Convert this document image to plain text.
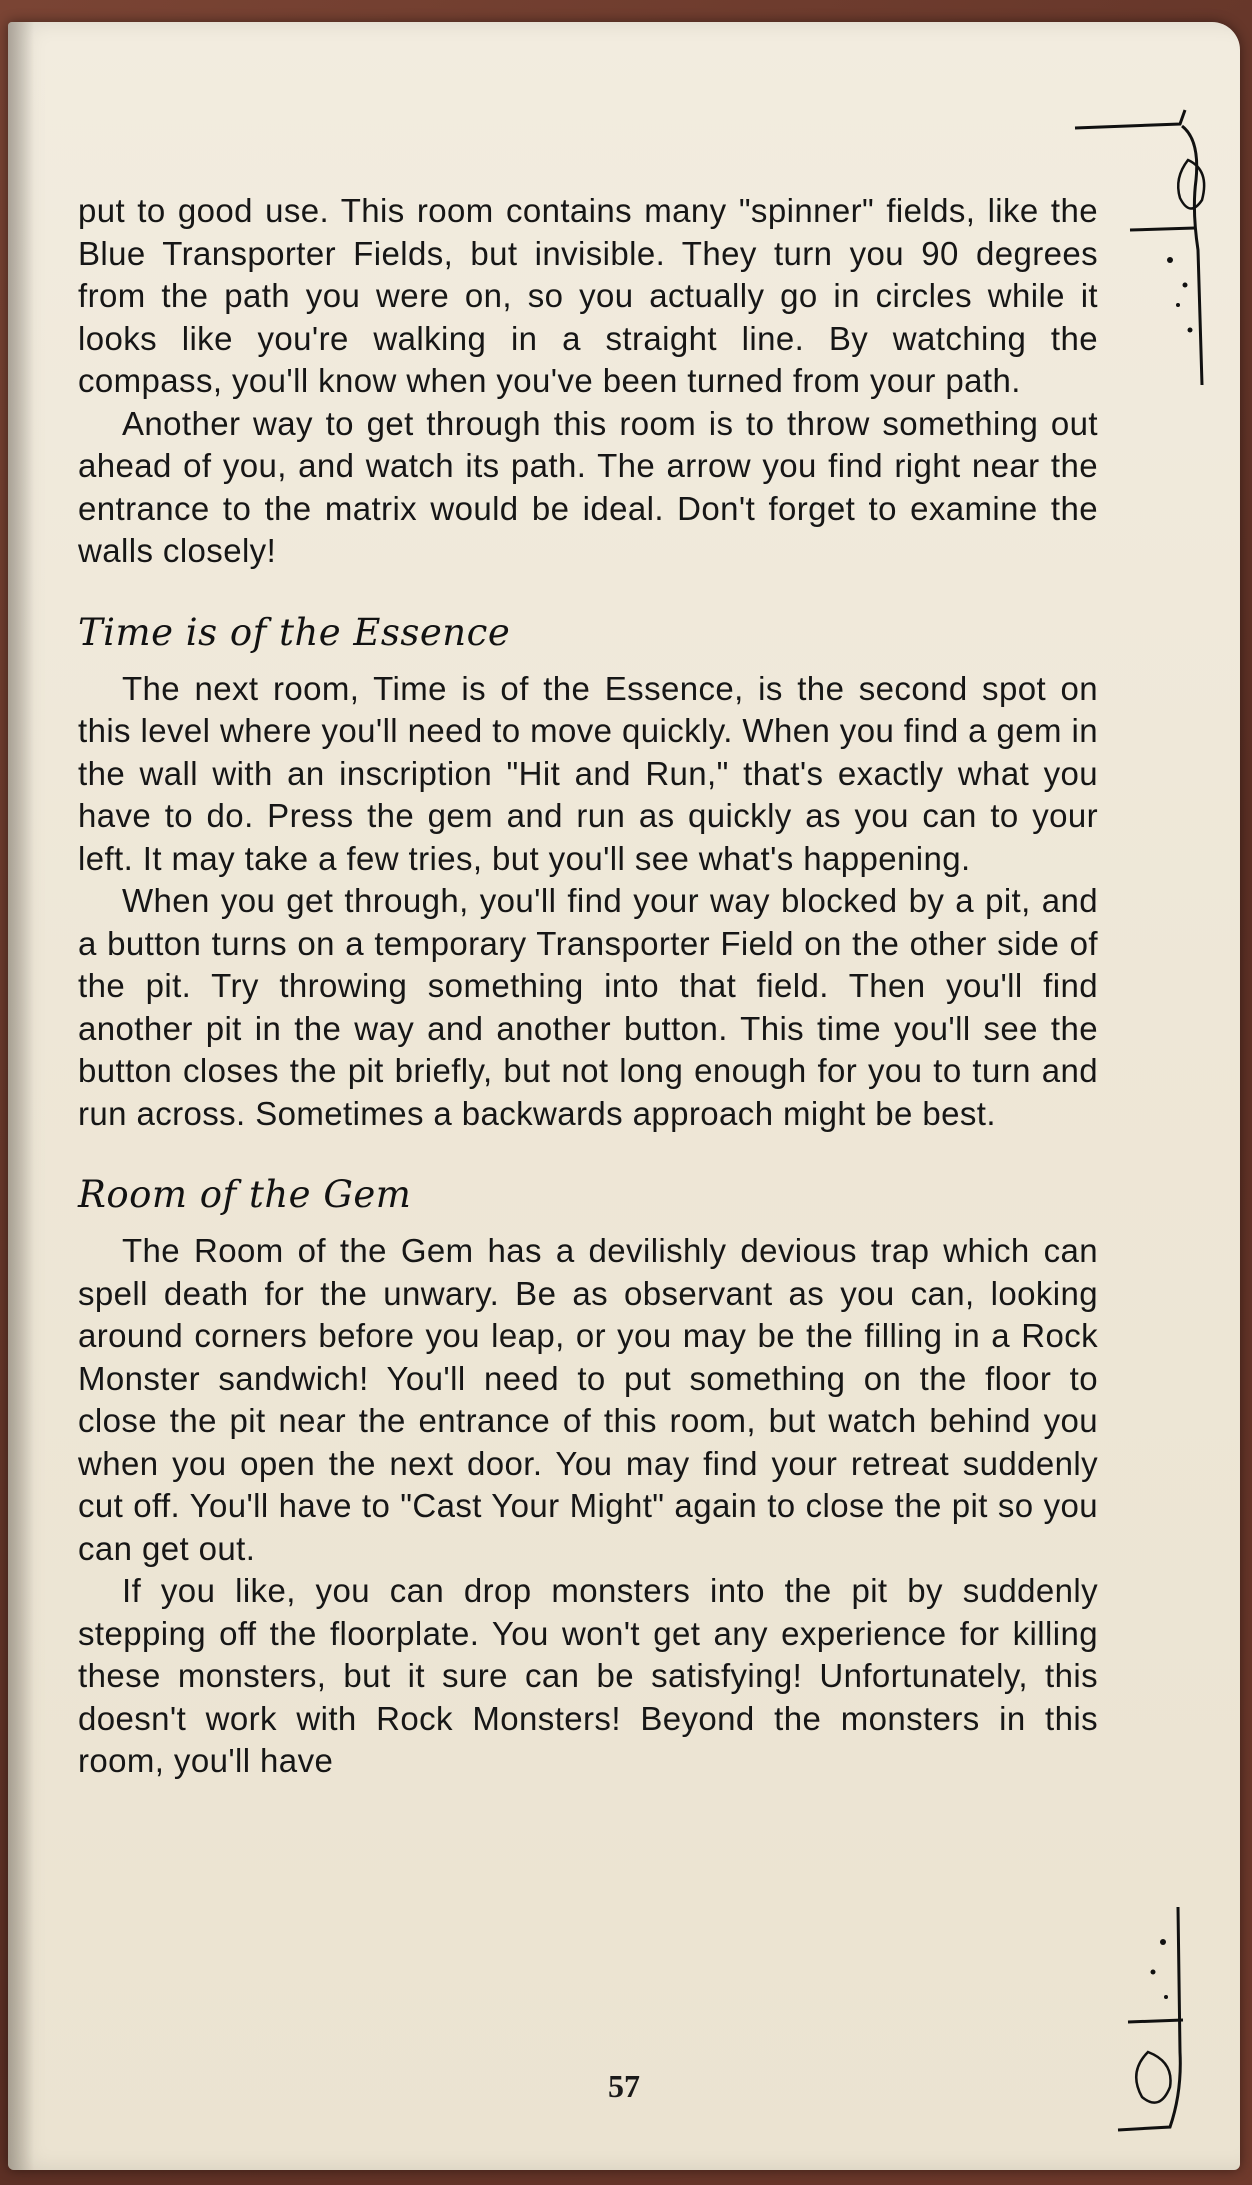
put to good use. This room contains many "spinner" fields, like the Blue Transporter Fields, but invisible. They turn you 90 degrees from the path you were on, so you actually go in circles while it looks like you're walking in a straight line. By watching the compass, you'll know when you've been turned from your path.

Another way to get through this room is to throw something out ahead of you, and watch its path. The arrow you find right near the entrance to the matrix would be ideal. Don't forget to examine the walls closely!

Time is of the Essence

The next room, Time is of the Essence, is the second spot on this level where you'll need to move quickly. When you find a gem in the wall with an inscription "Hit and Run," that's exactly what you have to do. Press the gem and run as quickly as you can to your left. It may take a few tries, but you'll see what's happening.

When you get through, you'll find your way blocked by a pit, and a button turns on a temporary Transporter Field on the other side of the pit. Try throwing something into that field. Then you'll find another pit in the way and another button. This time you'll see the button closes the pit briefly, but not long enough for you to turn and run across. Sometimes a backwards approach might be best.

Room of the Gem

The Room of the Gem has a devilishly devious trap which can spell death for the unwary. Be as observant as you can, looking around corners before you leap, or you may be the filling in a Rock Monster sandwich! You'll need to put something on the floor to close the pit near the entrance of this room, but watch behind you when you open the next door. You may find your retreat suddenly cut off. You'll have to "Cast Your Might" again to close the pit so you can get out.

If you like, you can drop monsters into the pit by suddenly stepping off the floorplate. You won't get any experience for killing these monsters, but it sure can be satisfying! Unfortunately, this doesn't work with Rock Monsters! Beyond the monsters in this room, you'll have

57
